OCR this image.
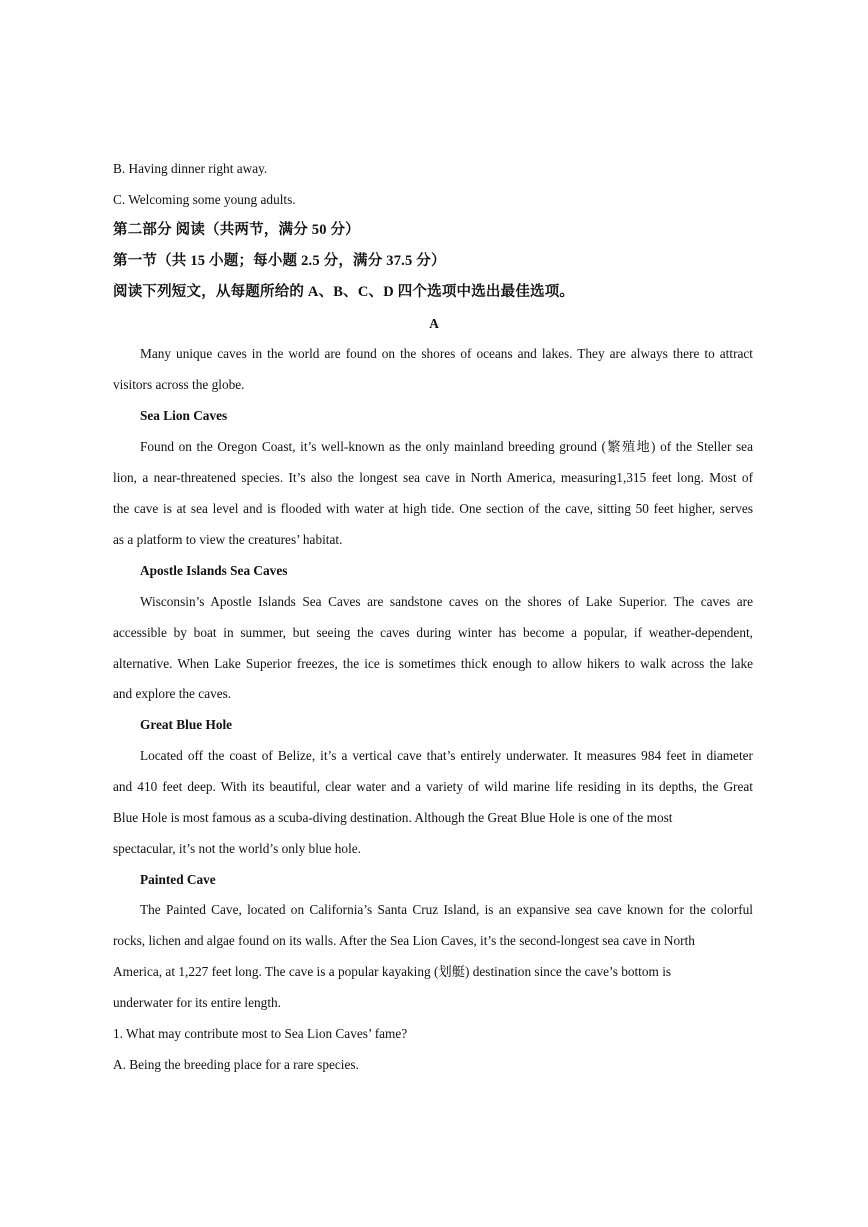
B. Having dinner right away.
C. Welcoming some young adults.
第二部分 阅读（共两节，满分 50 分）
第一节（共 15 小题；每小题 2.5 分，满分 37.5 分）
阅读下列短文，从每题所给的 A、B、C、D 四个选项中选出最佳选项。
A
Many unique caves in the world are found on the shores of oceans and lakes. They are always there to attract
visitors across the globe.
Sea Lion Caves
Found on the Oregon Coast, it’s well-known as the only mainland breeding ground (繁殖地) of the Steller sea
lion, a near-threatened species. It’s also the longest sea cave in North America, measuring1,315 feet long. Most of
the cave is at sea level and is flooded with water at high tide. One section of the cave, sitting 50 feet higher, serves
as a platform to view the creatures’ habitat.
Apostle Islands Sea Caves
Wisconsin’s Apostle Islands Sea Caves are sandstone caves on the shores of Lake Superior. The caves are
accessible by boat in summer, but seeing the caves during winter has become a popular, if weather-dependent,
alternative. When Lake Superior freezes, the ice is sometimes thick enough to allow hikers to walk across the lake
and explore the caves.
Great Blue Hole
Located off the coast of Belize, it’s a vertical cave that’s entirely underwater. It measures 984 feet in diameter
and 410 feet deep. With its beautiful, clear water and a variety of wild marine life residing in its depths, the Great
Blue Hole is most famous as a scuba-diving destination. Although the Great Blue Hole is one of the most
spectacular, it’s not the world’s only blue hole.
Painted Cave
The Painted Cave, located on California’s Santa Cruz Island, is an expansive sea cave known for the colorful
rocks, lichen and algae found on its walls. After the Sea Lion Caves, it’s the second-longest sea cave in North
America, at 1,227 feet long. The cave is a popular kayaking (划艇) destination since the cave’s bottom is
underwater for its entire length.
1. What may contribute most to Sea Lion Caves’ fame?
A. Being the breeding place for a rare species.
